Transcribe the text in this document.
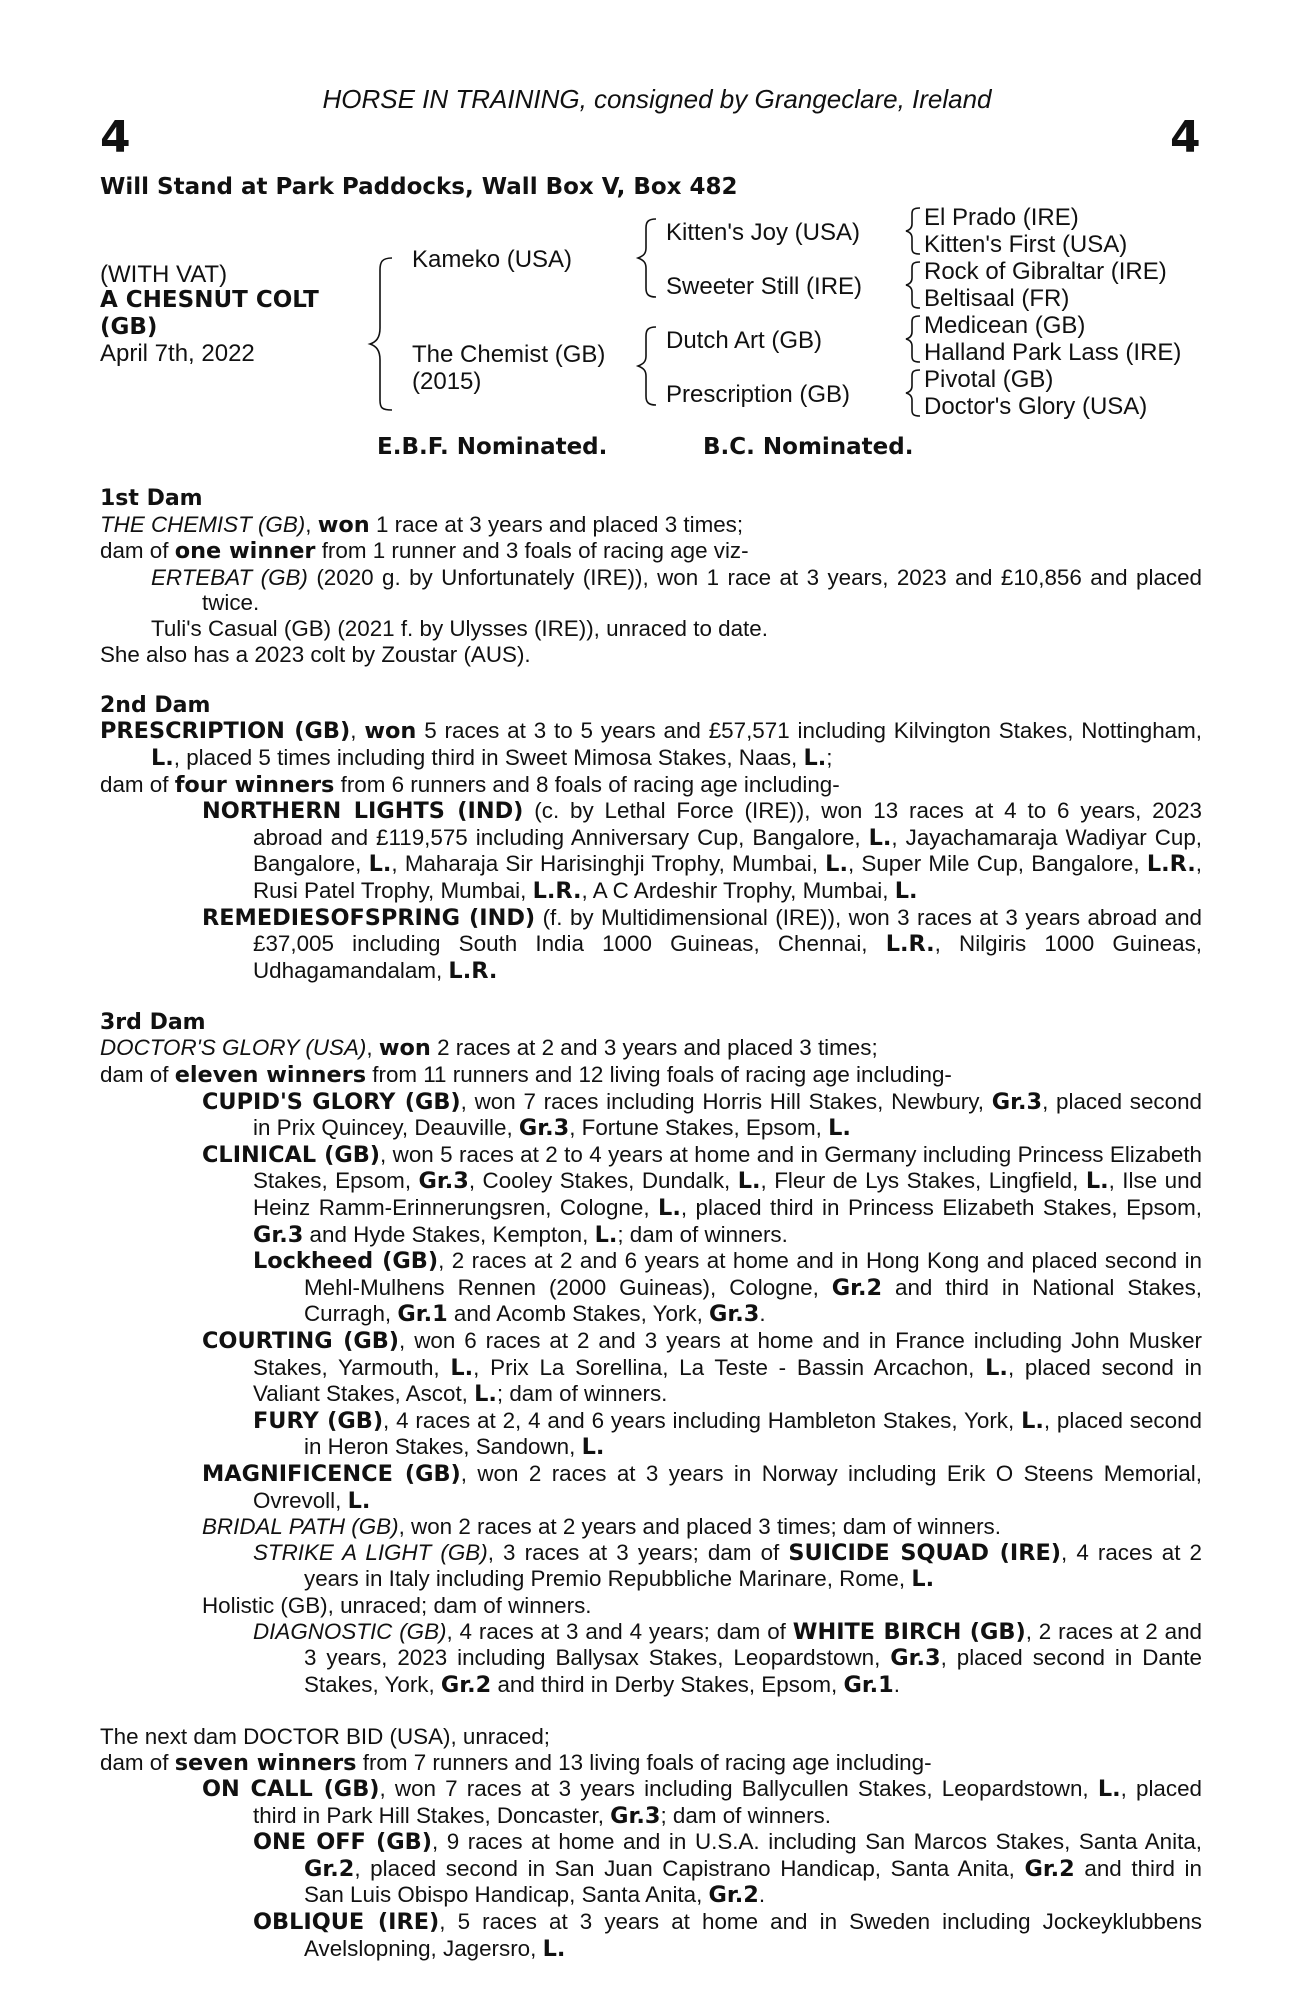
HORSE IN TRAINING, consigned by Grangeclare, Ireland
4	4
Will Stand at Park Paddocks, Wall Box V, Box 482
(WITH VAT)
A CHESNUT COLT
(GB)
April 7th, 2022
Kameko (USA)
The Chemist (GB)
(2015)
Kitten's Joy (USA)
Sweeter Still (IRE)
Dutch Art (GB)
Prescription (GB)
El Prado (IRE)
Kitten's First (USA)
Rock of Gibraltar (IRE)
Beltisaal (FR)
Medicean (GB)
Halland Park Lass (IRE)
Pivotal (GB)
Doctor's Glory (USA)
E.B.F. Nominated.	B.C. Nominated.

1st Dam

THE CHEMIST (GB), won 1 race at 3 years and placed 3 times;

dam of one winner from 1 runner and 3 foals of racing age viz-

ERTEBAT (GB) (2020 g. by Unfortunately (IRE)), won 1 race at 3 years, 2023 and £10,856 and placed twice.

Tuli's Casual (GB) (2021 f. by Ulysses (IRE)), unraced to date.

She also has a 2023 colt by Zoustar (AUS).

2nd Dam

PRESCRIPTION (GB), won 5 races at 3 to 5 years and £57,571 including Kilvington Stakes, Nottingham, L., placed 5 times including third in Sweet Mimosa Stakes, Naas, L.;

dam of four winners from 6 runners and 8 foals of racing age including-

NORTHERN LIGHTS (IND) (c. by Lethal Force (IRE)), won 13 races at 4 to 6 years, 2023 abroad and £119,575 including Anniversary Cup, Bangalore, L., Jayachamaraja Wadiyar Cup, Bangalore, L., Maharaja Sir Harisinghji Trophy, Mumbai, L., Super Mile Cup, Bangalore, L.R., Rusi Patel Trophy, Mumbai, L.R., A C Ardeshir Trophy, Mumbai, L.

REMEDIESOFSPRING (IND) (f. by Multidimensional (IRE)), won 3 races at 3 years abroad and £37,005 including South India 1000 Guineas, Chennai, L.R., Nilgiris 1000 Guineas, Udhagamandalam, L.R.

3rd Dam

DOCTOR'S GLORY (USA), won 2 races at 2 and 3 years and placed 3 times;

dam of eleven winners from 11 runners and 12 living foals of racing age including-

CUPID'S GLORY (GB), won 7 races including Horris Hill Stakes, Newbury, Gr.3, placed second in Prix Quincey, Deauville, Gr.3, Fortune Stakes, Epsom, L.

CLINICAL (GB), won 5 races at 2 to 4 years at home and in Germany including Princess Elizabeth Stakes, Epsom, Gr.3, Cooley Stakes, Dundalk, L., Fleur de Lys Stakes, Lingfield, L., Ilse und Heinz Ramm-Erinnerungsren, Cologne, L., placed third in Princess Elizabeth Stakes, Epsom, Gr.3 and Hyde Stakes, Kempton, L.; dam of winners.

Lockheed (GB), 2 races at 2 and 6 years at home and in Hong Kong and placed second in Mehl-Mulhens Rennen (2000 Guineas), Cologne, Gr.2 and third in National Stakes, Curragh, Gr.1 and Acomb Stakes, York, Gr.3.

COURTING (GB), won 6 races at 2 and 3 years at home and in France including John Musker Stakes, Yarmouth, L., Prix La Sorellina, La Teste - Bassin Arcachon, L., placed second in Valiant Stakes, Ascot, L.; dam of winners.

FURY (GB), 4 races at 2, 4 and 6 years including Hambleton Stakes, York, L., placed second in Heron Stakes, Sandown, L.

MAGNIFICENCE (GB), won 2 races at 3 years in Norway including Erik O Steens Memorial, Ovrevoll, L.

BRIDAL PATH (GB), won 2 races at 2 years and placed 3 times; dam of winners.

STRIKE A LIGHT (GB), 3 races at 3 years; dam of SUICIDE SQUAD (IRE), 4 races at 2 years in Italy including Premio Repubbliche Marinare, Rome, L.

Holistic (GB), unraced; dam of winners.

DIAGNOSTIC (GB), 4 races at 3 and 4 years; dam of WHITE BIRCH (GB), 2 races at 2 and 3 years, 2023 including Ballysax Stakes, Leopardstown, Gr.3, placed second in Dante Stakes, York, Gr.2 and third in Derby Stakes, Epsom, Gr.1.

The next dam DOCTOR BID (USA), unraced;

dam of seven winners from 7 runners and 13 living foals of racing age including-

ON CALL (GB), won 7 races at 3 years including Ballycullen Stakes, Leopardstown, L., placed third in Park Hill Stakes, Doncaster, Gr.3; dam of winners.

ONE OFF (GB), 9 races at home and in U.S.A. including San Marcos Stakes, Santa Anita, Gr.2, placed second in San Juan Capistrano Handicap, Santa Anita, Gr.2 and third in San Luis Obispo Handicap, Santa Anita, Gr.2.

OBLIQUE (IRE), 5 races at 3 years at home and in Sweden including Jockeyklubbens Avelslopning, Jagersro, L.
